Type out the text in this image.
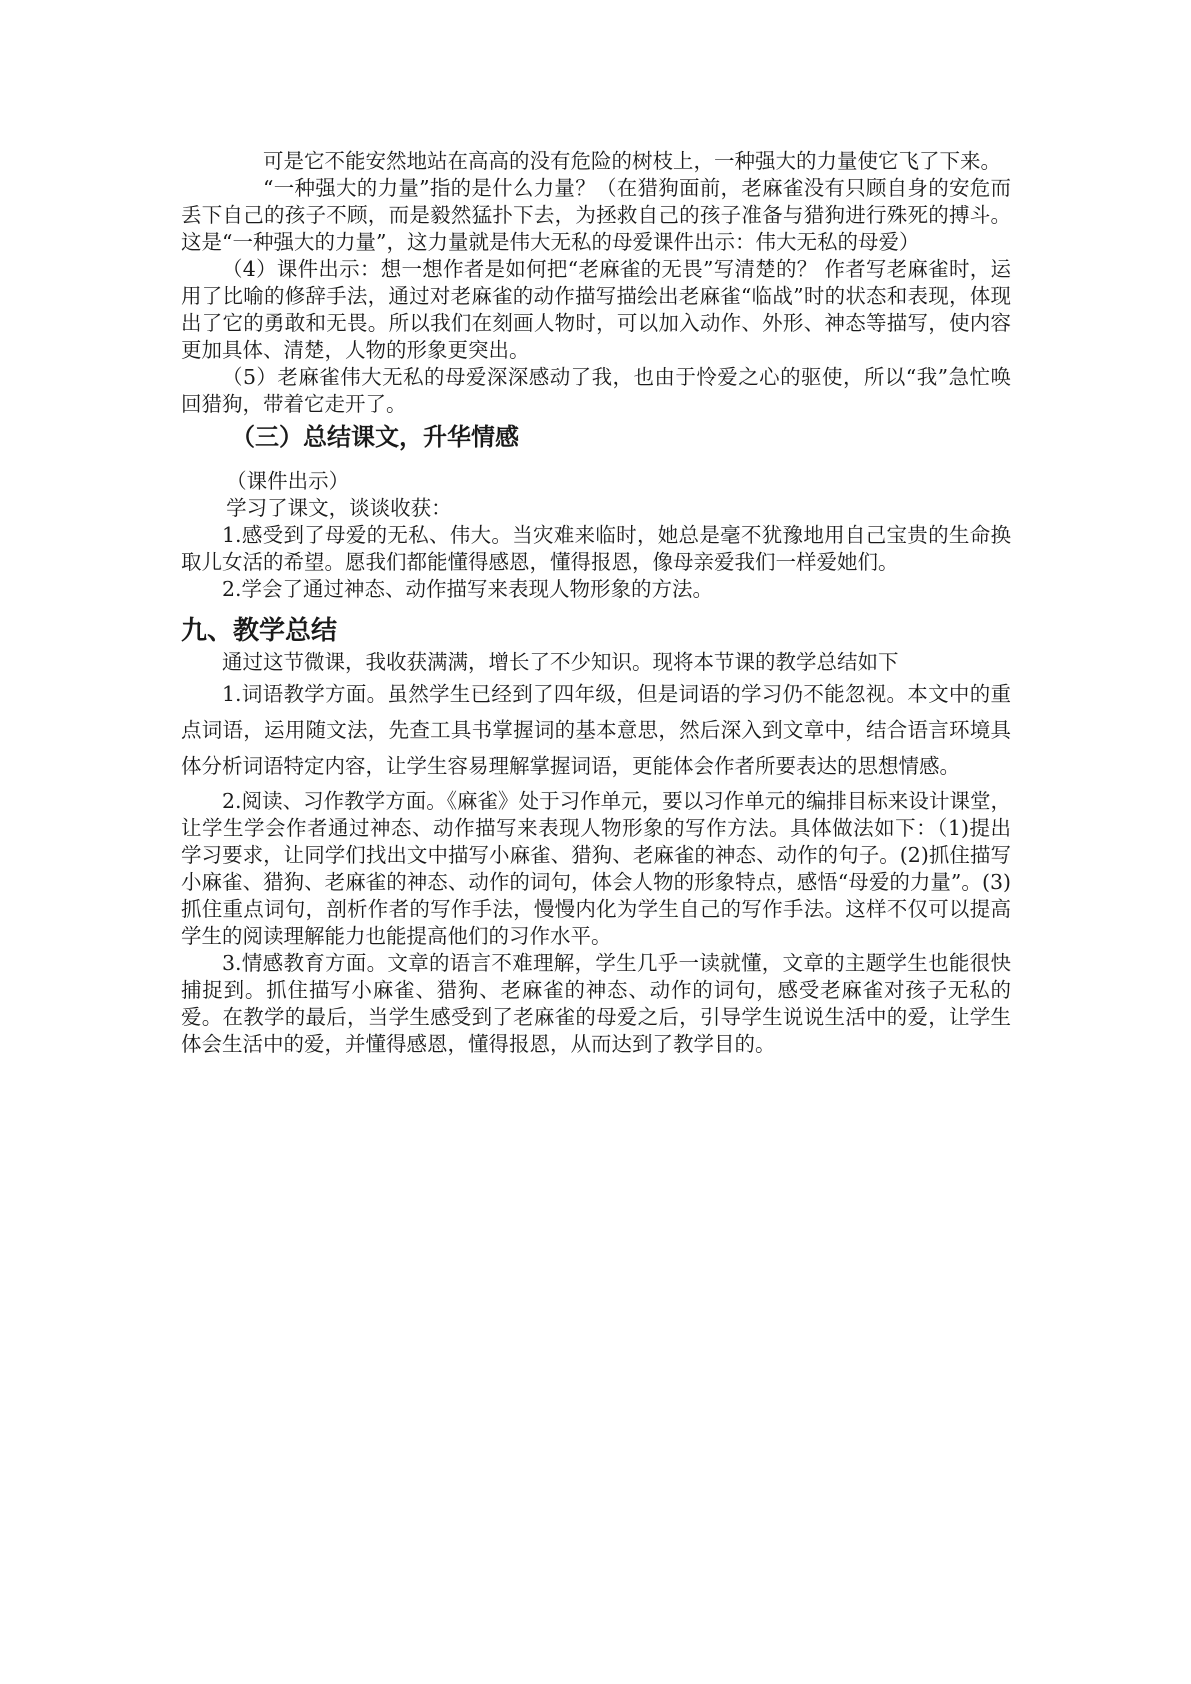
可是它不能安然地站在高高的没有危险的树枝上，一种强大的力量使它飞了下来。

“一种强大的力量”指的是什么力量？（在猎狗面前，老麻雀没有只顾自身的安危而丢下自己的孩子不顾，而是毅然猛扑下去，为拯救自己的孩子准备与猎狗进行殊死的搏斗。这是“一种强大的力量”，这力量就是伟大无私的母爱课件出示：伟大无私的母爱）

（4）课件出示：想一想作者是如何把“老麻雀的无畏”写清楚的？ 作者写老麻雀时，运用了比喻的修辞手法，通过对老麻雀的动作描写描绘出老麻雀“临战”时的状态和表现，体现出了它的勇敢和无畏。所以我们在刻画人物时，可以加入动作、外形、神态等描写，使内容更加具体、清楚，人物的形象更突出。

（5）老麻雀伟大无私的母爱深深感动了我，也由于怜爱之心的驱使，所以“我”急忙唤回猎狗，带着它走开了。

（三）总结课文，升华情感

（课件出示）

学习了课文，谈谈收获：

1.感受到了母爱的无私、伟大。当灾难来临时，她总是毫不犹豫地用自己宝贵的生命换取儿女活的希望。愿我们都能懂得感恩，懂得报恩，像母亲爱我们一样爱她们。

2.学会了通过神态、动作描写来表现人物形象的方法。

九、教学总结

通过这节微课，我收获满满，增长了不少知识。现将本节课的教学总结如下

1.词语教学方面。虽然学生已经到了四年级，但是词语的学习仍不能忽视。本文中的重点词语，运用随文法，先查工具书掌握词的基本意思，然后深入到文章中，结合语言环境具体分析词语特定内容，让学生容易理解掌握词语，更能体会作者所要表达的思想情感。

2.阅读、习作教学方面。《麻雀》处于习作单元，要以习作单元的编排目标来设计课堂，让学生学会作者通过神态、动作描写来表现人物形象的写作方法。具体做法如下：（1)提出学习要求，让同学们找出文中描写小麻雀、猎狗、老麻雀的神态、动作的句子。(2)抓住描写小麻雀、猎狗、老麻雀的神态、动作的词句，体会人物的形象特点，感悟“母爱的力量”。(3)抓住重点词句，剖析作者的写作手法，慢慢内化为学生自己的写作手法。这样不仅可以提高学生的阅读理解能力也能提高他们的习作水平。

3.情感教育方面。文章的语言不难理解，学生几乎一读就懂，文章的主题学生也能很快捕捉到。抓住描写小麻雀、猎狗、老麻雀的神态、动作的词句，感受老麻雀对孩子无私的爱。在教学的最后，当学生感受到了老麻雀的母爱之后，引导学生说说生活中的爱，让学生体会生活中的爱，并懂得感恩，懂得报恩，从而达到了教学目的。
